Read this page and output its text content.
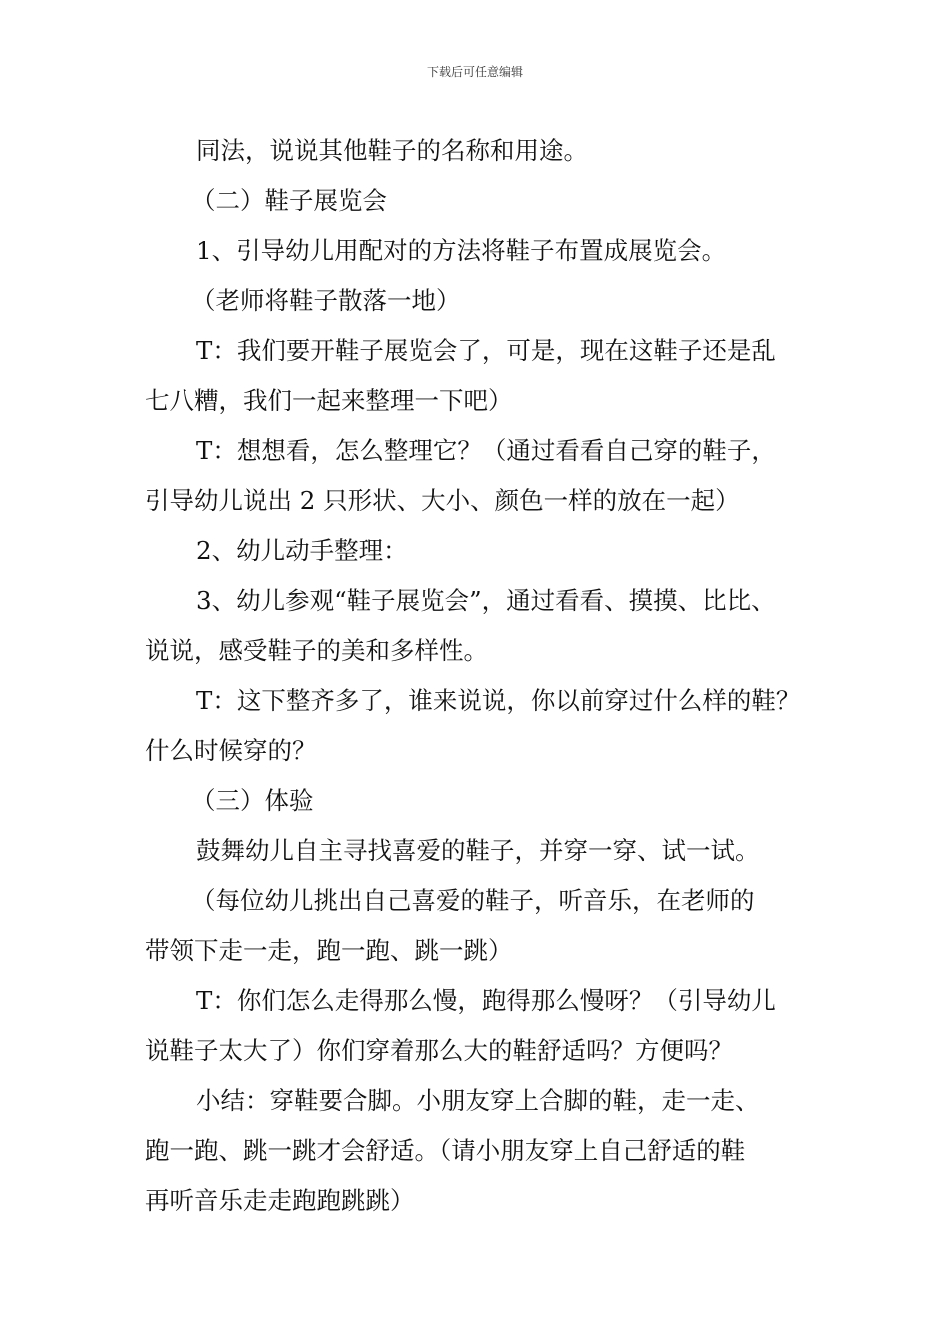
下载后可任意编辑
同法，说说其他鞋子的名称和用途。
（二）鞋子展览会
1、引导幼儿用配对的方法将鞋子布置成展览会。
（老师将鞋子散落一地）
T：我们要开鞋子展览会了，可是，现在这鞋子还是乱
七八糟，我们一起来整理一下吧）
T：想想看，怎么整理它？（通过看看自己穿的鞋子，
引导幼儿说出 2 只形状、大小、颜色一样的放在一起）
2、幼儿动手整理：
3、幼儿参观“鞋子展览会”，通过看看、摸摸、比比、
说说，感受鞋子的美和多样性。
T：这下整齐多了，谁来说说，你以前穿过什么样的鞋？
什么时候穿的？
（三）体验
鼓舞幼儿自主寻找喜爱的鞋子，并穿一穿、试一试。
（每位幼儿挑出自己喜爱的鞋子，听音乐，在老师的
带领下走一走，跑一跑、跳一跳）
T：你们怎么走得那么慢，跑得那么慢呀？（引导幼儿
说鞋子太大了）你们穿着那么大的鞋舒适吗？方便吗？
小结：穿鞋要合脚。小朋友穿上合脚的鞋，走一走、
跑一跑、跳一跳才会舒适。（请小朋友穿上自己舒适的鞋
再听音乐走走跑跑跳跳）
